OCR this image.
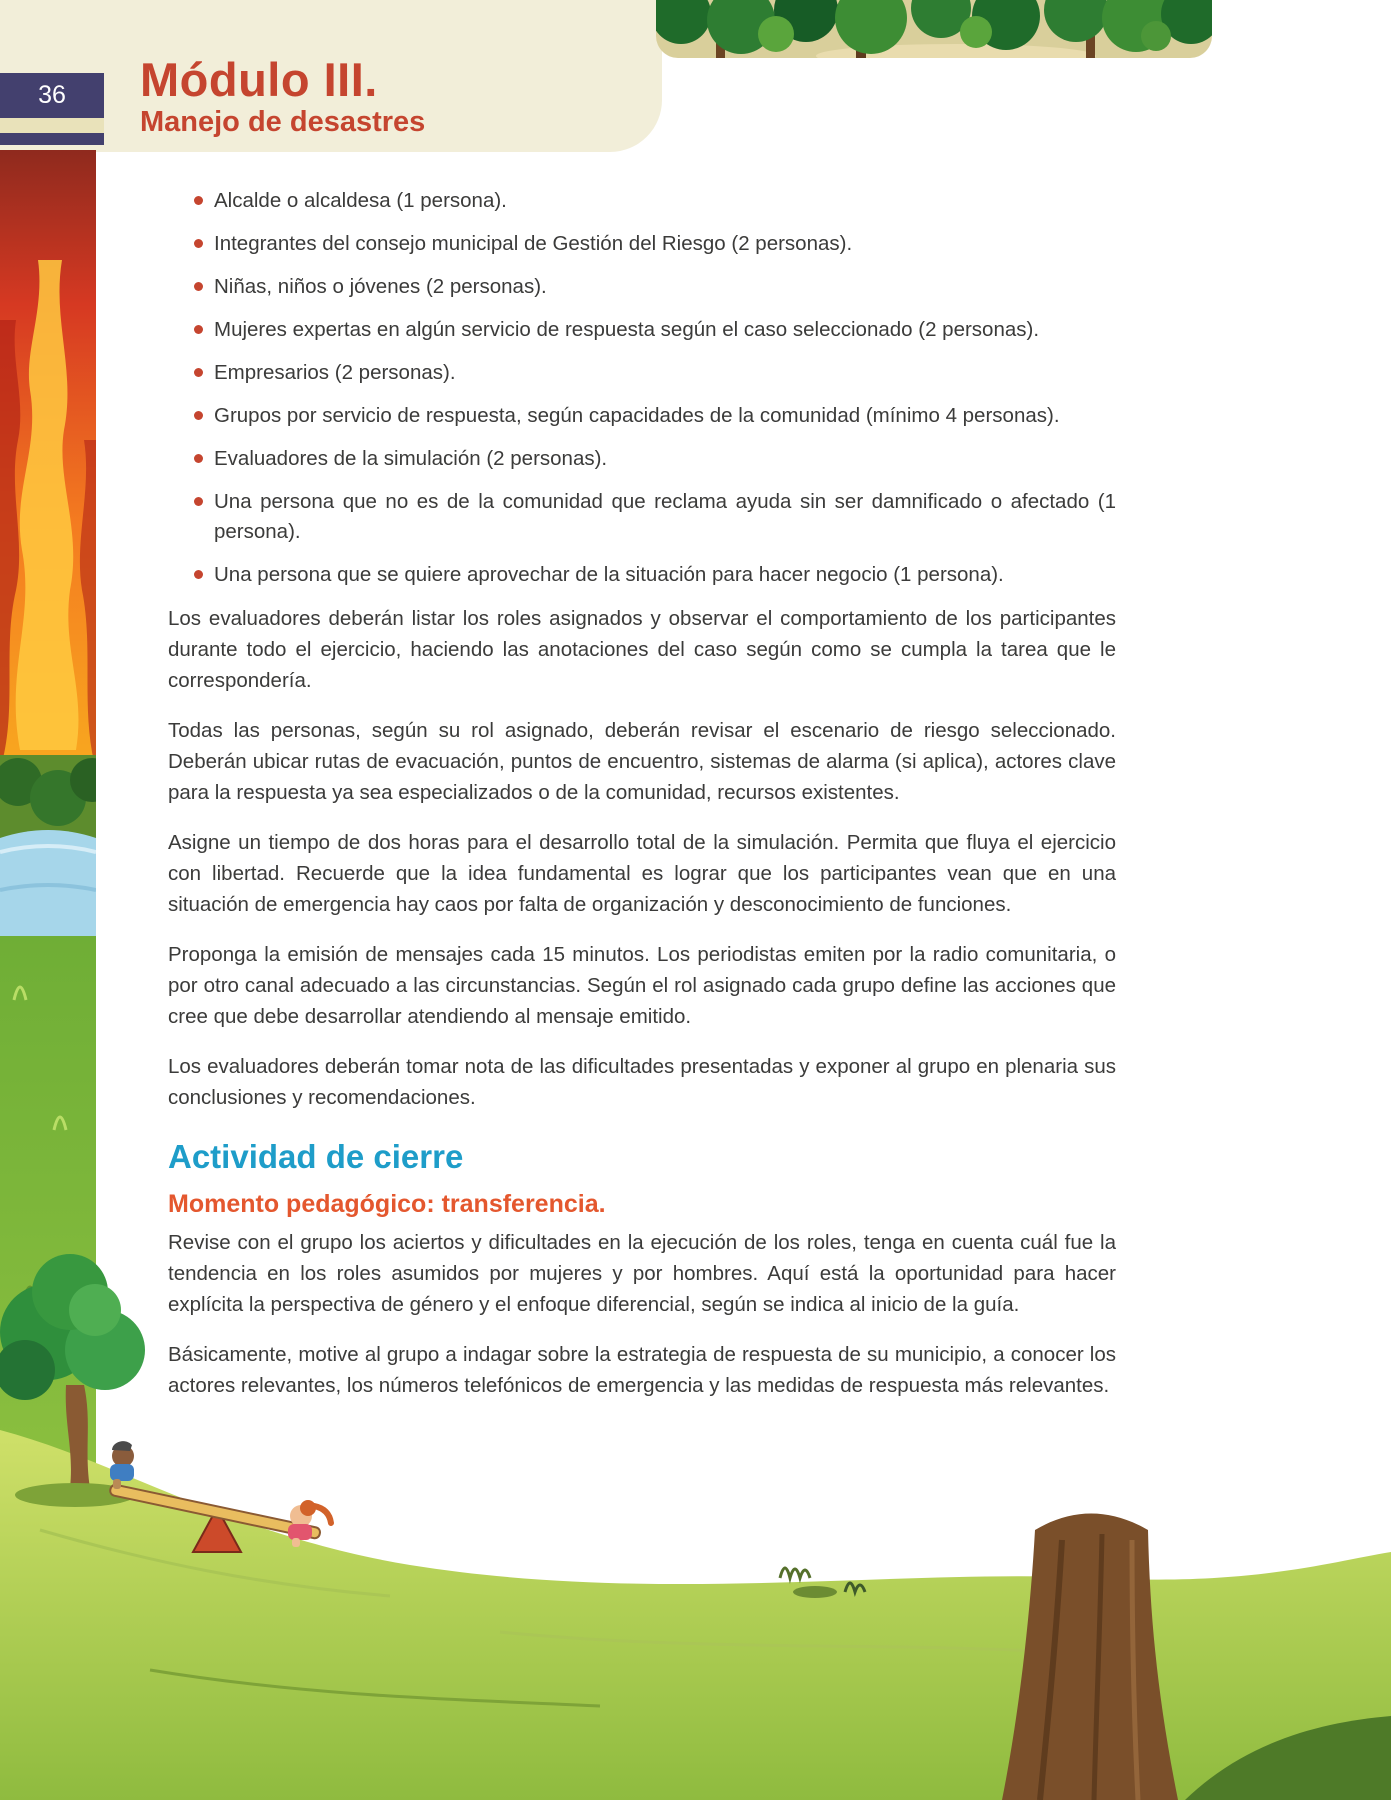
36 Módulo III.
Manejo de desastres
Alcalde o alcaldesa (1 persona).
Integrantes del consejo municipal de Gestión del Riesgo (2 personas).
Niñas, niños o jóvenes (2 personas).
Mujeres expertas en algún servicio de respuesta según el caso seleccionado (2 personas).
Empresarios (2 personas).
Grupos por servicio de respuesta, según capacidades de la comunidad (mínimo 4 personas).
Evaluadores de la simulación (2 personas).
Una persona que no es de la comunidad que reclama ayuda sin ser damnificado o afectado (1 persona).
Una persona que se quiere aprovechar de la situación para hacer negocio (1 persona).

Los evaluadores deberán listar los roles asignados y observar el comportamiento de los participantes durante todo el ejercicio, haciendo las anotaciones del caso según como se cumpla la tarea que le correspondería.

Todas las personas, según su rol asignado, deberán revisar el escenario de riesgo seleccionado. Deberán ubicar rutas de evacuación, puntos de encuentro, sistemas de alarma (si aplica), actores clave para la respuesta ya sea especializados o de la comunidad, recursos existentes.

Asigne un tiempo de dos horas para el desarrollo total de la simulación. Permita que fluya el ejercicio con libertad. Recuerde que la idea fundamental es lograr que los participantes vean que en una situación de emergencia hay caos por falta de organización y desconocimiento de funciones.

Proponga la emisión de mensajes cada 15 minutos. Los periodistas emiten por la radio comunitaria, o por otro canal adecuado a las circunstancias. Según el rol asignado cada grupo define las acciones que cree que debe desarrollar atendiendo al mensaje emitido.

Los evaluadores deberán tomar nota de las dificultades presentadas y exponer al grupo en plenaria sus conclusiones y recomendaciones.

Actividad de cierre
Momento pedagógico: transferencia.

Revise con el grupo los aciertos y dificultades en la ejecución de los roles, tenga en cuenta cuál fue la tendencia en los roles asumidos por mujeres y por hombres. Aquí está la oportunidad para hacer explícita la perspectiva de género y el enfoque diferencial, según se indica al inicio de la guía.

Básicamente, motive al grupo a indagar sobre la estrategia de respuesta de su municipio, a conocer los actores relevantes, los números telefónicos de emergencia y las medidas de respuesta más relevantes.
